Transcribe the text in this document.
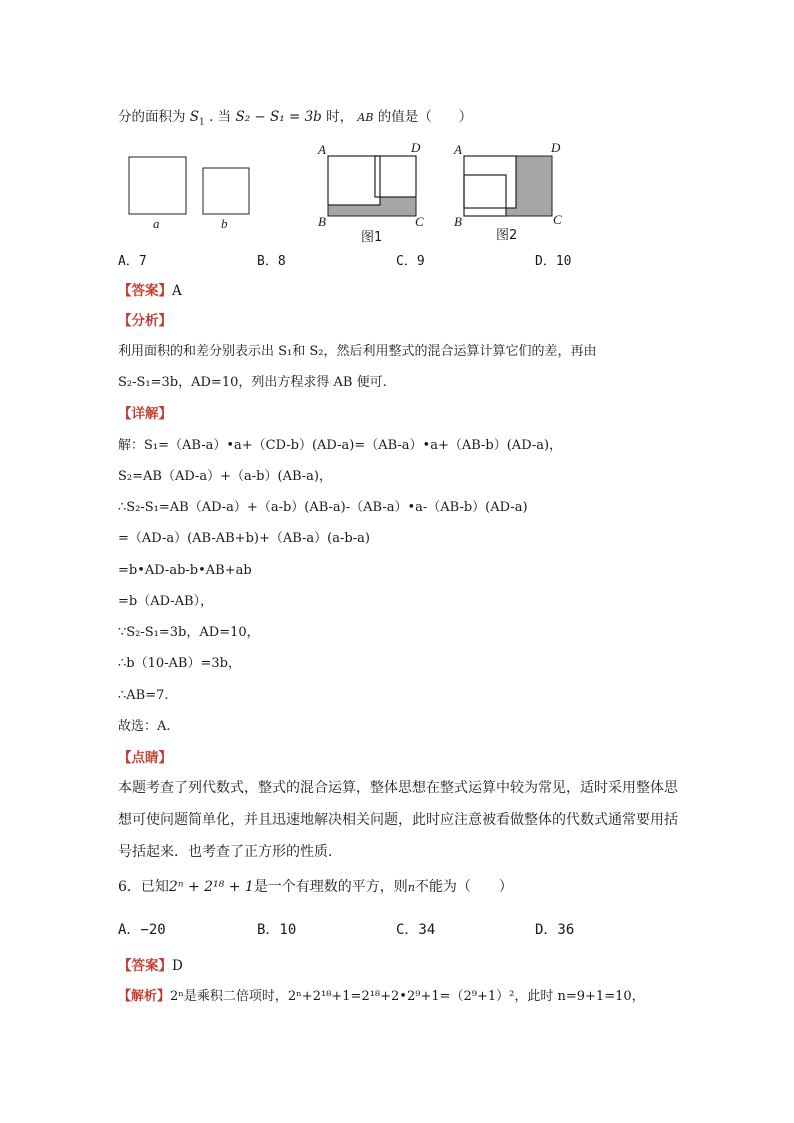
分的面积为 $S_1$ . 当 S₂ − S₁ = 3b 时， AB 的值是（　　）
a	b
A	D
B	C
图1
A	D
B	C
图2
A．7	B．8	C．9	D．10
【答案】A
【分析】
利用面积的和差分别表示出 S₁和 S₂，然后利用整式的混合运算计算它们的差，再由
S₂-S₁=3b，AD=10，列出方程求得 AB 便可.
【详解】
解：S₁=（AB-a）•a+（CD-b）(AD-a)=（AB-a）•a+（AB-b）(AD-a)，
S₂=AB（AD-a）+（a-b）(AB-a)，
∴S₂-S₁=AB（AD-a）+（a-b）(AB-a)-（AB-a）•a-（AB-b）(AD-a)
=（AD-a）(AB-AB+b)+（AB-a）(a-b-a)
=b•AD-ab-b•AB+ab
=b（AD-AB），
∵S₂-S₁=3b，AD=10，
∴b（10-AB）=3b，
∴AB=7.
故选：A.
【点睛】
本题考查了列代数式，整式的混合运算，整体思想在整式运算中较为常见，适时采用整体思想可使问题简单化，并且迅速地解决相关问题，此时应注意被看做整体的代数式通常要用括号括起来．也考查了正方形的性质．
6．已知2ⁿ + 2¹⁸ + 1是一个有理数的平方，则n不能为（　　）
A．−20	B．10	C．34	D．36
【答案】D
【解析】2ⁿ是乘积二倍项时，2ⁿ+2¹⁸+1=2¹⁸+2•2⁹+1=（2⁹+1）²，此时 n=9+1=10，
